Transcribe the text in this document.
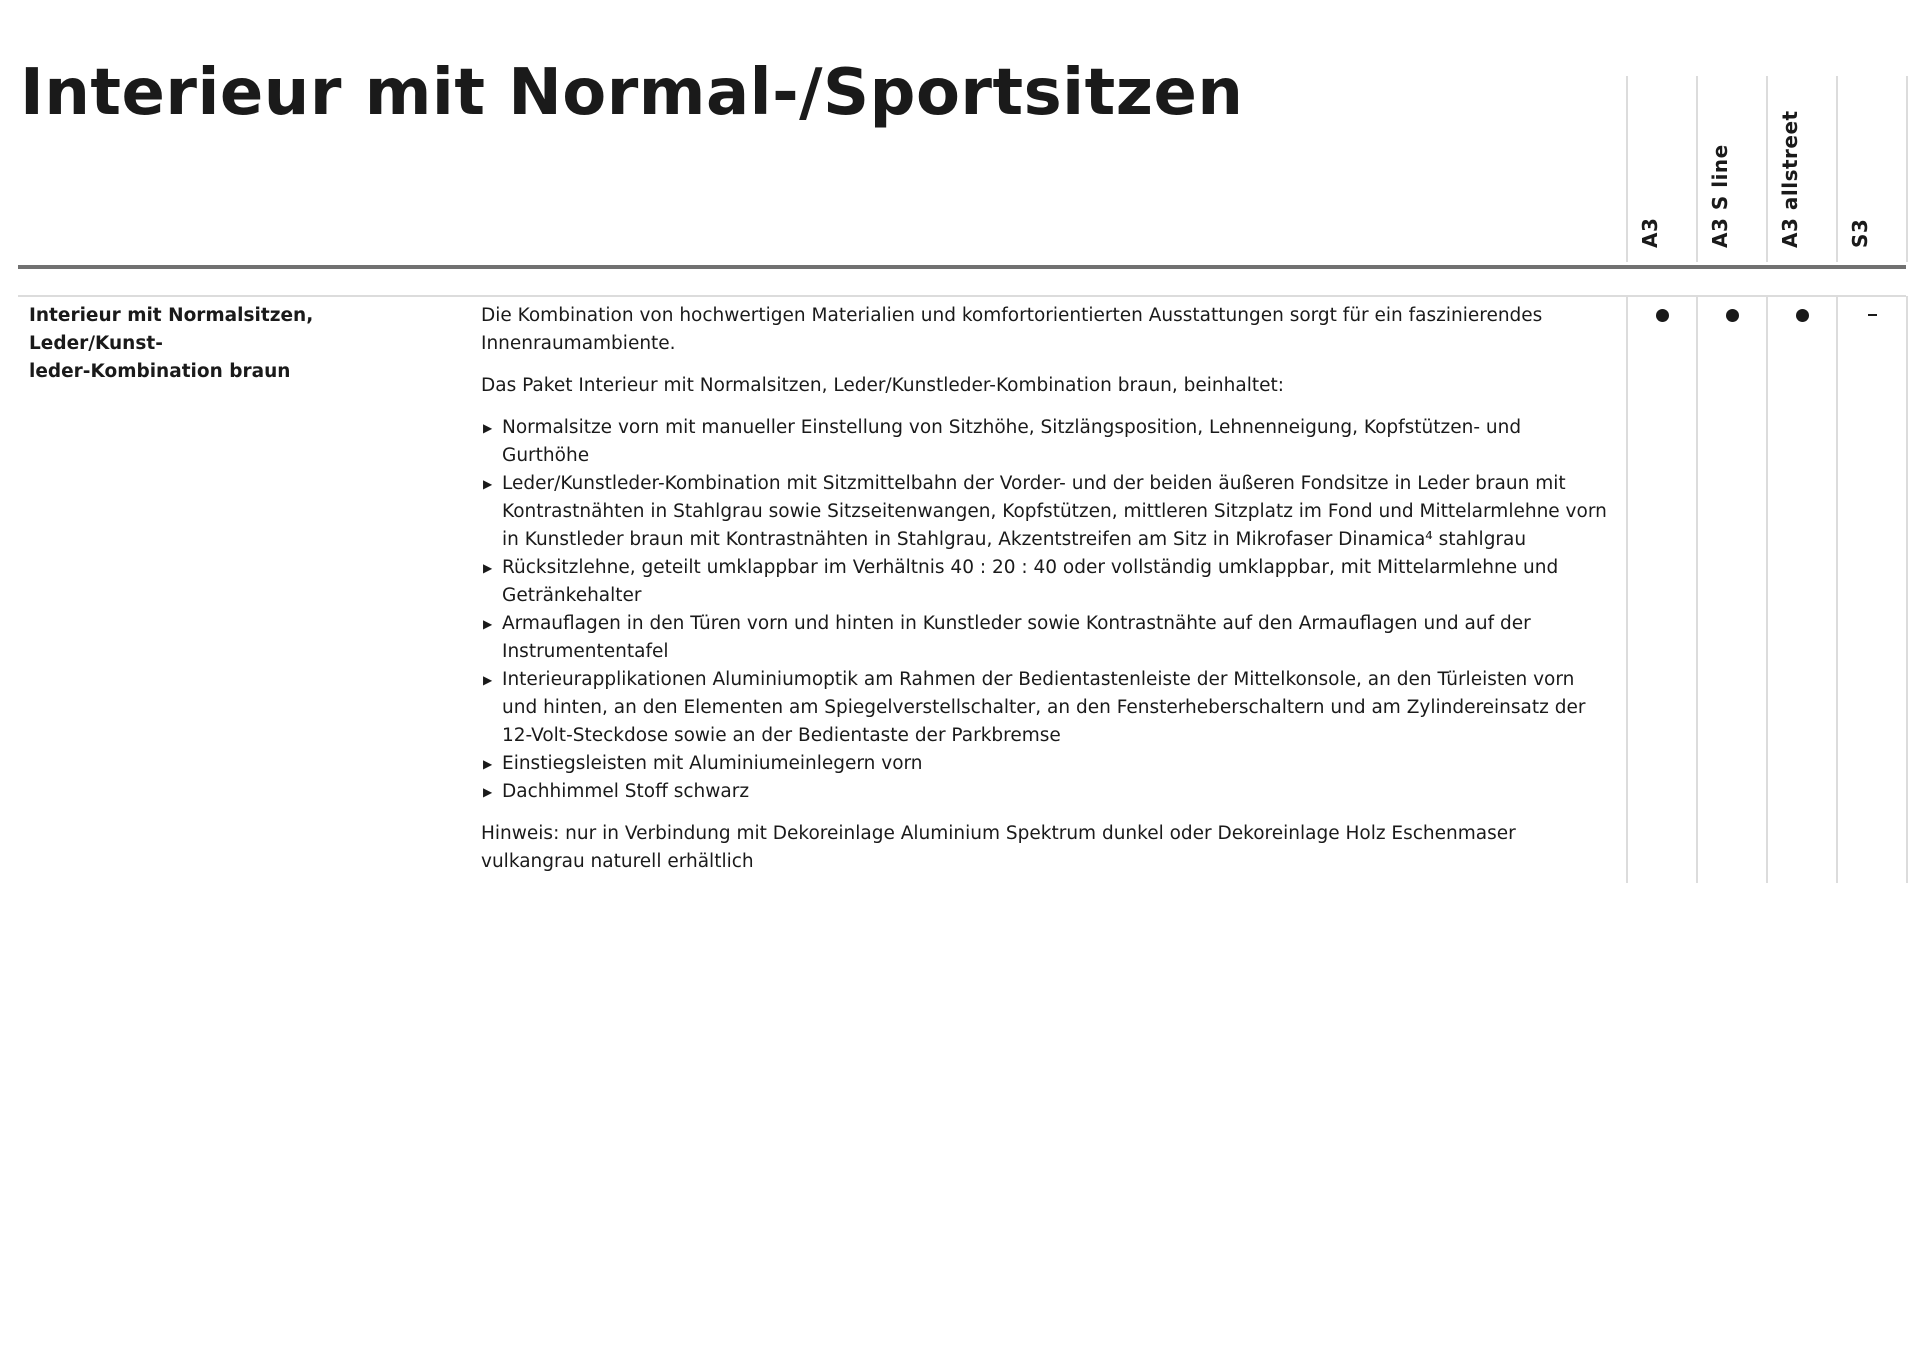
Interieur mit Normal-/Sportsitzen
A3 A3 S line A3 allstreet S3
Interieur mit Normalsitzen, Leder/Kunst-
leder-Kombination braun

Die Kombination von hochwertigen Materialien und komfortorientierten Ausstattungen sorgt für ein faszinierendes Innenraumambiente.

Das Paket Interieur mit Normalsitzen, Leder/Kunstleder-Kombination braun, beinhaltet:

▶ Normalsitze vorn mit manueller Einstellung von Sitzhöhe, Sitzlängsposition, Lehnenneigung, Kopfstützen- und Gurthöhe
▶ Leder/Kunstleder-Kombination mit Sitzmittelbahn der Vorder- und der beiden äußeren Fondsitze in Leder braun mit Kontrastnähten in Stahlgrau sowie Sitzseitenwangen, Kopfstützen, mittleren Sitzplatz im Fond und Mittelarmlehne vorn in Kunstleder braun mit Kontrastnähten in Stahlgrau, Akzentstreifen am Sitz in Mikrofaser Dinamica⁴ stahlgrau
▶ Rücksitzlehne, geteilt umklappbar im Verhältnis 40 : 20 : 40 oder vollständig umklappbar, mit Mittelarmlehne und Getränkehalter
▶ Armauflagen in den Türen vorn und hinten in Kunstleder sowie Kontrastnähte auf den Armauflagen und auf der Instrumententafel
▶ Interieurapplikationen Aluminiumoptik am Rahmen der Bedientastenleiste der Mittelkonsole, an den Türleisten vorn und hinten, an den Elementen am Spiegelverstellschalter, an den Fensterheberschaltern und am Zylindereinsatz der 12-Volt-Steckdose sowie an der Bedientaste der Parkbremse
▶ Einstiegsleisten mit Aluminiumeinlegern vorn
▶ Dachhimmel Stoff schwarz

Hinweis: nur in Verbindung mit Dekoreinlage Aluminium Spektrum dunkel oder Dekoreinlage Holz Eschenmaser vulkangrau naturell erhältlich
